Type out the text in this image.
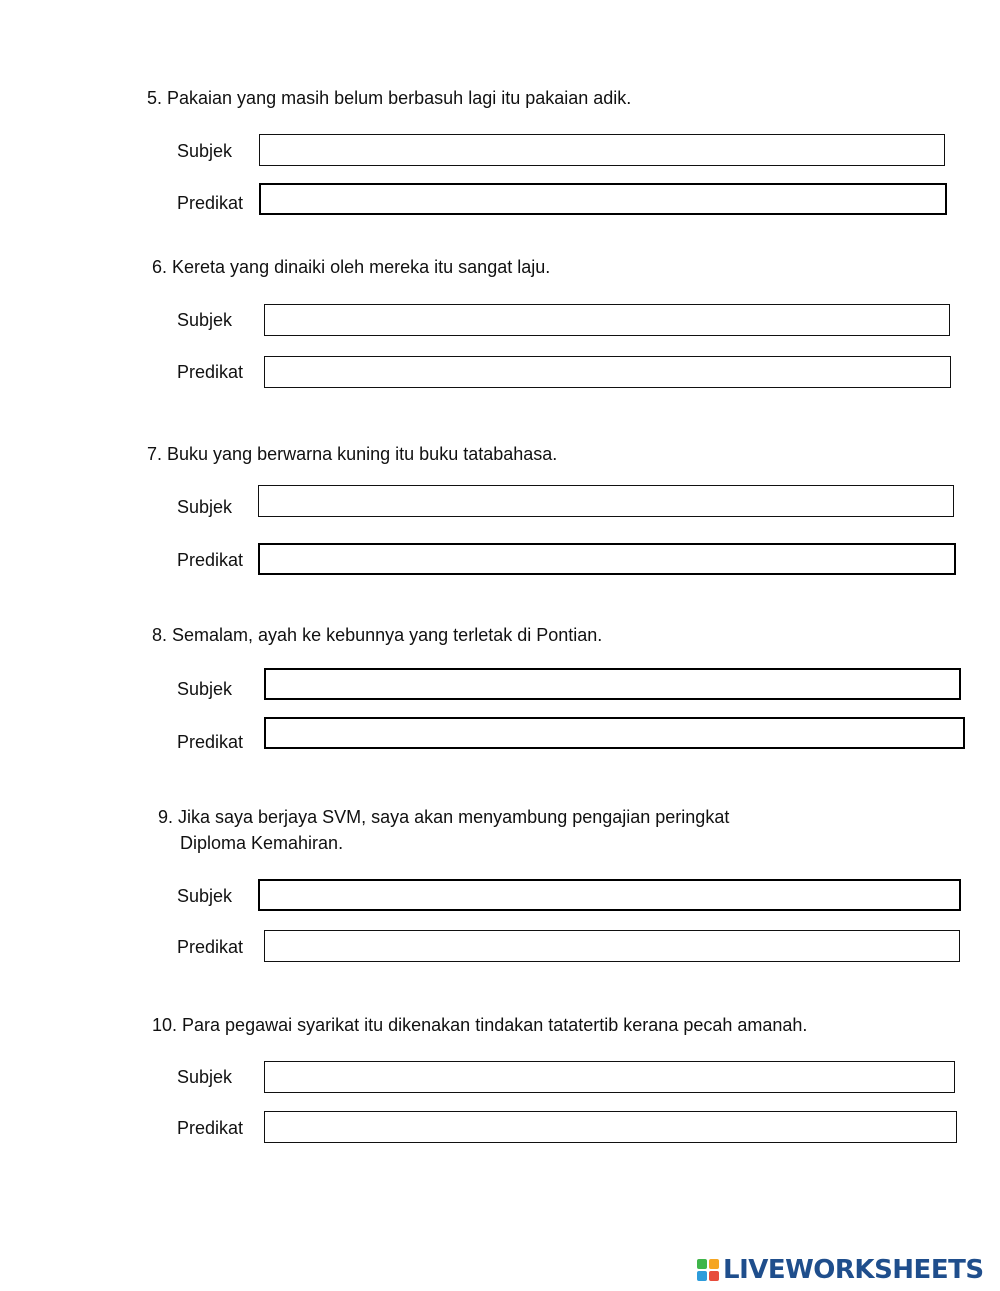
5. Pakaian yang masih belum berbasuh lagi itu pakaian adik.
Subjek
Predikat
6. Kereta yang dinaiki oleh mereka itu sangat laju.
Subjek
Predikat
7. Buku yang berwarna kuning itu buku tatabahasa.
Subjek
Predikat
8. Semalam, ayah ke kebunnya yang terletak di Pontian.
Subjek
Predikat
9. Jika saya berjaya SVM, saya akan menyambung pengajian peringkat
Diploma Kemahiran.
Subjek
Predikat
10. Para pegawai syarikat itu dikenakan tindakan tatatertib kerana pecah amanah.
Subjek
Predikat
LIVEWORKSHEETS
